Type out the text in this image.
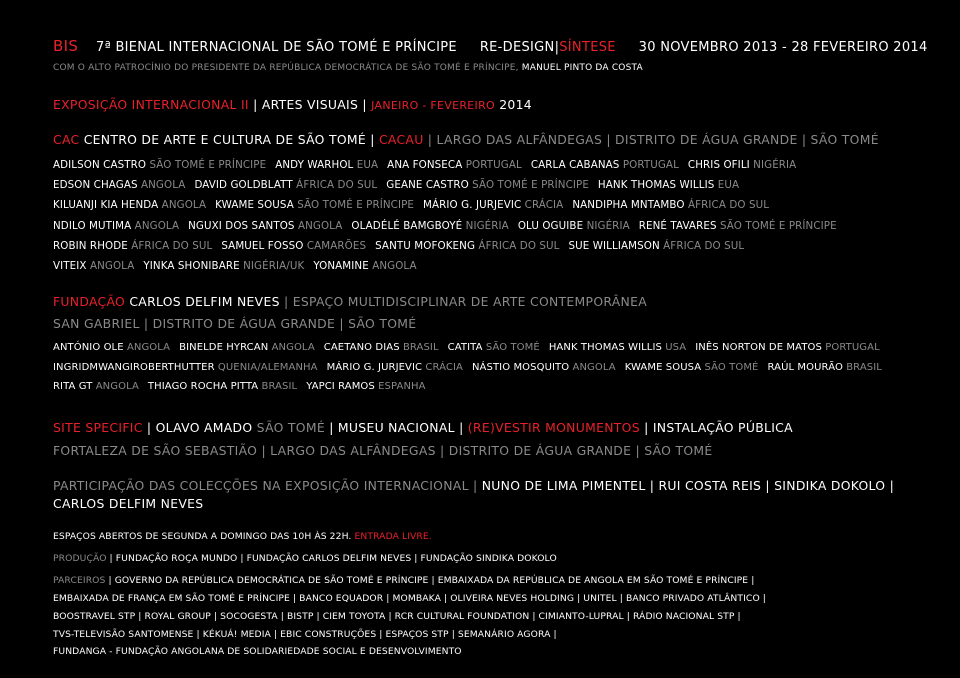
BIS 7ª BIENAL INTERNACIONAL DE SÃO TOMÉ E PRÍNCIPE RE-DESIGN|SÍNTESE 30 NOVEMBRO 2013 - 28 FEVEREIRO 2014
COM O ALTO PATROCÍNIO DO PRESIDENTE DA REPÚBLICA DEMOCRÁTICA DE SÃO TOMÉ E PRÍNCIPE, MANUEL PINTO DA COSTA
EXPOSIÇÃO INTERNACIONAL II | ARTES VISUAIS | JANEIRO - FEVEREIRO 2014
CAC CENTRO DE ARTE E CULTURA DE SÃO TOMÉ | CACAU | LARGO DAS ALFÂNDEGAS | DISTRITO DE ÁGUA GRANDE | SÃO TOMÉ
ADILSON CASTRO SÃO TOMÉ E PRÍNCIPE ANDY WARHOL EUA ANA FONSECA PORTUGAL CARLA CABANAS PORTUGAL CHRIS OFILI NIGÉRIA
EDSON CHAGAS ANGOLA DAVID GOLDBLATT ÁFRICA DO SUL GEANE CASTRO SÃO TOMÉ E PRÍNCIPE HANK THOMAS WILLIS EUA
KILUANJI KIA HENDA ANGOLA KWAME SOUSA SÃO TOMÉ E PRÍNCIPE MÁRIO G. JURJEVIC CRÁCIA NANDIPHA MNTAMBO ÁFRICA DO SUL
NDILO MUTIMA ANGOLA NGUXI DOS SANTOS ANGOLA OLADÉLÉ BAMGBOYÉ NIGÉRIA OLU OGUIBE NIGÉRIA RENÉ TAVARES SÃO TOMÉ E PRÍNCIPE
ROBIN RHODE ÁFRICA DO SUL SAMUEL FOSSO CAMARÕES SANTU MOFOKENG ÁFRICA DO SUL SUE WILLIAMSON ÁFRICA DO SUL
VITEIX ANGOLA YINKA SHONIBARE NIGÉRIA/UK YONAMINE ANGOLA
FUNDAÇÃO CARLOS DELFIM NEVES | ESPAÇO MULTIDISCIPLINAR DE ARTE CONTEMPORÂNEA
SAN GABRIEL | DISTRITO DE ÁGUA GRANDE | SÃO TOMÉ
ANTÓNIO OLE ANGOLA BINELDE HYRCAN ANGOLA CAETANO DIAS BRASIL CATITA SÃO TOMÉ HANK THOMAS WILLIS USA INÊS NORTON DE MATOS PORTUGAL
INGRIDMWANGIROBERTHUTTER QUENIA/ALEMANHA MÁRIO G. JURJEVIC CRÁCIA NÁSTIO MOSQUITO ANGOLA KWAME SOUSA SÃO TOMÉ RAÚL MOURÃO BRASIL
RITA GT ANGOLA THIAGO ROCHA PITTA BRASIL YAPCI RAMOS ESPANHA
SITE SPECIFIC | OLAVO AMADO SÃO TOMÉ | MUSEU NACIONAL | (RE)VESTIR MONUMENTOS | INSTALAÇÃO PÚBLICA
FORTALEZA DE SÃO SEBASTIÃO | LARGO DAS ALFÂNDEGAS | DISTRITO DE ÁGUA GRANDE | SÃO TOMÉ
PARTICIPAÇÃO DAS COLECÇÕES NA EXPOSIÇÃO INTERNACIONAL | NUNO DE LIMA PIMENTEL | RUI COSTA REIS | SINDIKA DOKOLO |
CARLOS DELFIM NEVES
ESPAÇOS ABERTOS DE SEGUNDA A DOMINGO DAS 10H ÀS 22H. ENTRADA LIVRE.
PRODUÇÃO | FUNDAÇÃO ROÇA MUNDO | FUNDAÇÃO CARLOS DELFIM NEVES | FUNDAÇÃO SINDIKA DOKOLO
PARCEIROS | GOVERNO DA REPÚBLICA DEMOCRÁTICA DE SÃO TOMÉ E PRÍNCIPE | EMBAIXADA DA REPÚBLICA DE ANGOLA EM SÃO TOMÉ E PRÍNCIPE |
EMBAIXADA DE FRANÇA EM SÃO TOMÉ E PRÍNCIPE | BANCO EQUADOR | MOMBAKA | OLIVEIRA NEVES HOLDING | UNITEL | BANCO PRIVADO ATLÂNTICO |
BOOSTRAVEL STP | ROYAL GROUP | SOCOGESTA | BISTP | CIEM TOYOTA | RCR CULTURAL FOUNDATION | CIMIANTO-LUPRAL | RÁDIO NACIONAL STP |
TVS-TELEVISÃO SANTOMENSE | KÉKUÁ! MEDIA | EBIC CONSTRUÇÕES | ESPAÇOS STP | SEMANÁRIO AGORA |
FUNDANGA - FUNDAÇÃO ANGOLANA DE SOLIDARIEDADE SOCIAL E DESENVOLVIMENTO
